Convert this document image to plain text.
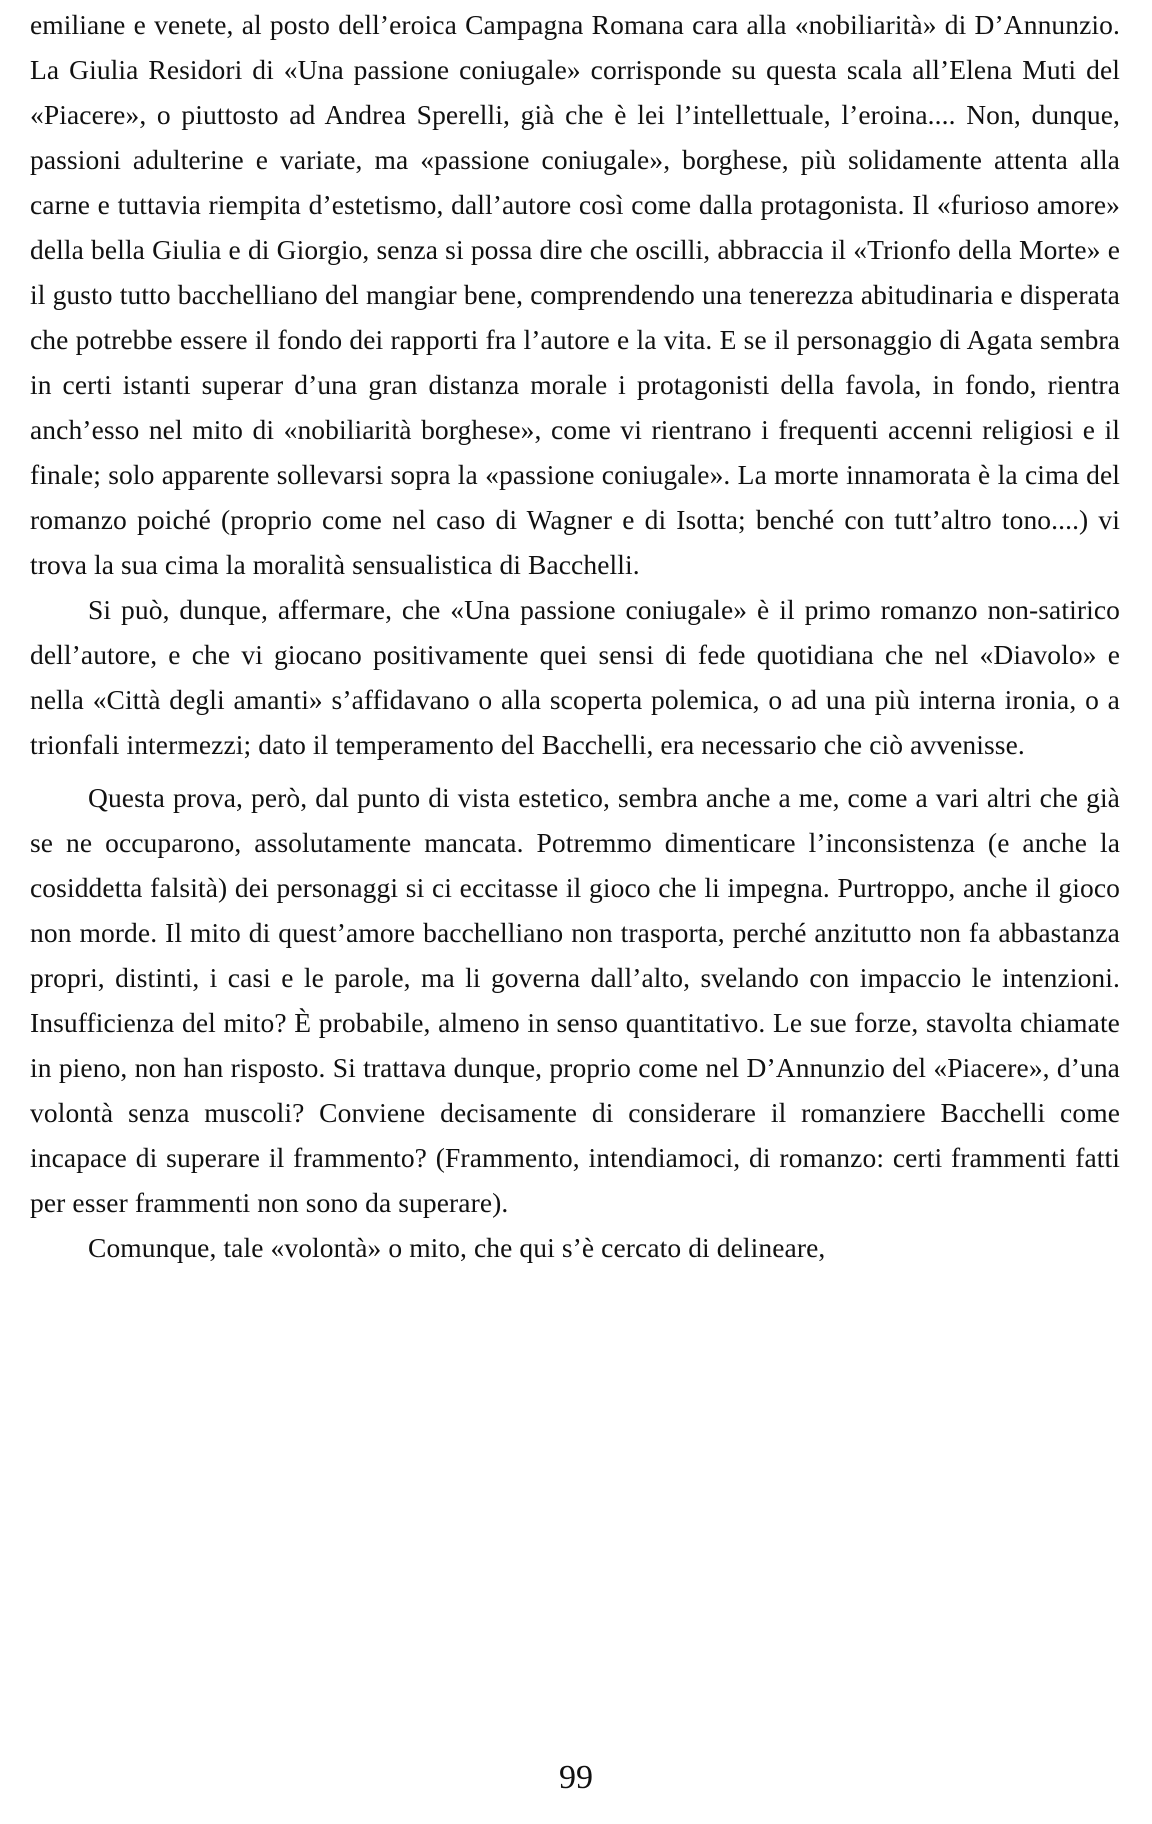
emiliane e venete, al posto dell’eroica Campagna Romana cara alla «nobiliarità» di D’Annunzio. La Giulia Residori di «Una passione coniugale» corrisponde su questa scala all’Elena Muti del «Piacere», o piuttosto ad Andrea Sperelli, già che è lei l’intellettuale, l’eroina.... Non, dunque, passioni adulterine e variate, ma «passione coniugale», borghese, più solidamente attenta alla carne e tuttavia riempita d’estetismo, dall’autore così come dalla protagonista. Il «furioso amore» della bella Giulia e di Giorgio, senza si possa dire che oscilli, abbraccia il «Trionfo della Morte» e il gusto tutto bacchelliano del mangiar bene, comprendendo una tenerezza abitudinaria e disperata che potrebbe essere il fondo dei rapporti fra l’autore e la vita. E se il personaggio di Agata sembra in certi istanti superar d’una gran distanza morale i protagonisti della favola, in fondo, rientra anch’esso nel mito di «nobiliarità borghese», come vi rientrano i frequenti accenni religiosi e il finale; solo apparente sollevarsi sopra la «passione coniugale». La morte innamorata è la cima del romanzo poiché (proprio come nel caso di Wagner e di Isotta; benché con tutt’altro tono....) vi trova la sua cima la moralità sensualistica di Bacchelli.

Si può, dunque, affermare, che «Una passione coniugale» è il primo romanzo non-satirico dell’autore, e che vi giocano positivamente quei sensi di fede quotidiana che nel «Diavolo» e nella «Città degli amanti» s’affidavano o alla scoperta polemica, o ad una più interna ironia, o a trionfali intermezzi; dato il temperamento del Bacchelli, era necessario che ciò avvenisse.

Questa prova, però, dal punto di vista estetico, sembra anche a me, come a vari altri che già se ne occuparono, assolutamente mancata. Potremmo dimenticare l’inconsistenza (e anche la cosiddetta falsità) dei personaggi si ci eccitasse il gioco che li impegna. Purtroppo, anche il gioco non morde. Il mito di quest’amore bacchelliano non trasporta, perché anzitutto non fa abbastanza propri, distinti, i casi e le parole, ma li governa dall’alto, svelando con impaccio le intenzioni. Insufficienza del mito? È probabile, almeno in senso quantitativo. Le sue forze, stavolta chiamate in pieno, non han risposto. Si trattava dunque, proprio come nel D’Annunzio del «Piacere», d’una volontà senza muscoli? Conviene decisamente di considerare il romanziere Bacchelli come incapace di superare il frammento? (Frammento, intendiamoci, di romanzo: certi frammenti fatti per esser frammenti non sono da superare).

Comunque, tale «volontà» o mito, che qui s’è cercato di delineare,

99
